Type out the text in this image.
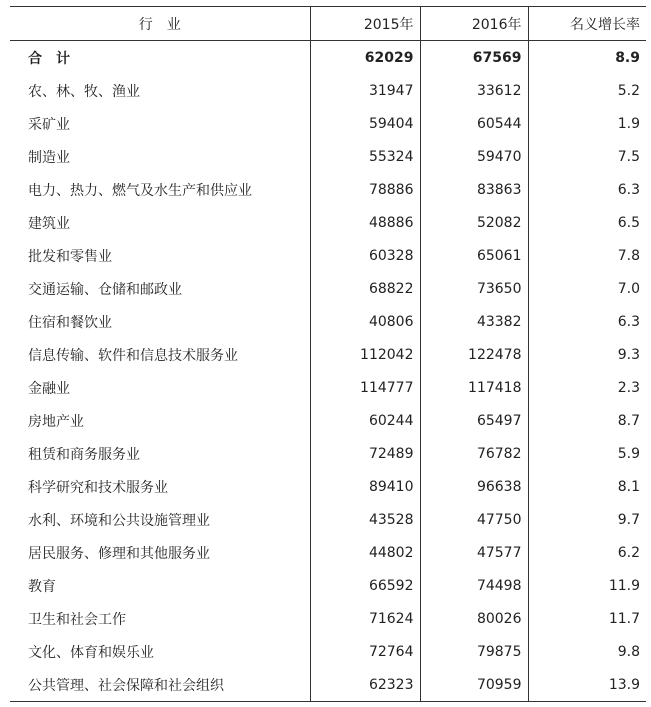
行　业	2015年	2016年	名义增长率
合　计	62029	67569	8.9
农、林、牧、渔业	31947	33612	5.2
采矿业	59404	60544	1.9
制造业	55324	59470	7.5
电力、热力、燃气及水生产和供应业	78886	83863	6.3
建筑业	48886	52082	6.5
批发和零售业	60328	65061	7.8
交通运输、仓储和邮政业	68822	73650	7.0
住宿和餐饮业	40806	43382	6.3
信息传输、软件和信息技术服务业	112042	122478	9.3
金融业	114777	117418	2.3
房地产业	60244	65497	8.7
租赁和商务服务业	72489	76782	5.9
科学研究和技术服务业	89410	96638	8.1
水利、环境和公共设施管理业	43528	47750	9.7
居民服务、修理和其他服务业	44802	47577	6.2
教育	66592	74498	11.9
卫生和社会工作	71624	80026	11.7
文化、体育和娱乐业	72764	79875	9.8
公共管理、社会保障和社会组织	62323	70959	13.9
